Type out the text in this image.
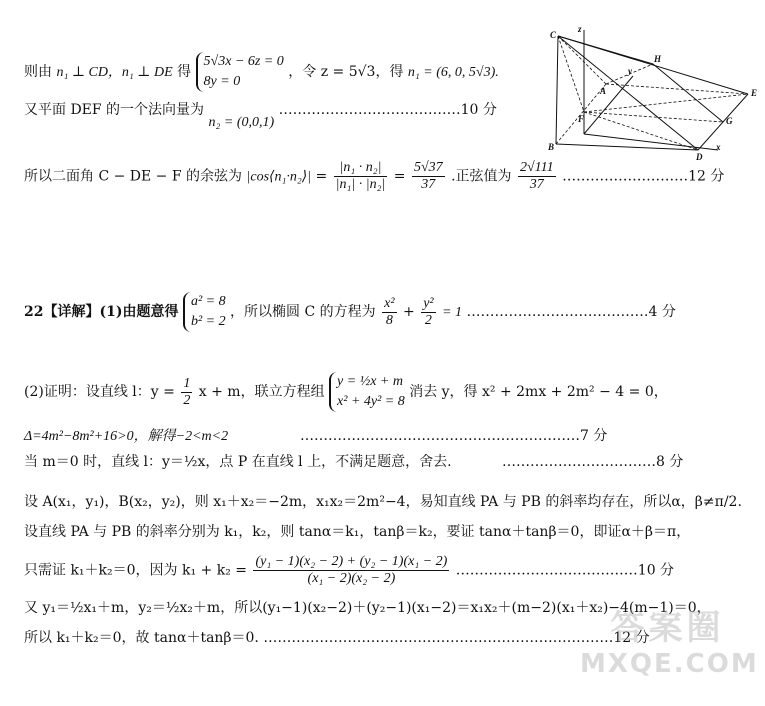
则由 n₁ ⊥ CD，n₁ ⊥ DE 得
5√3x − 6z = 0
8y = 0
，令 z = 5√3，得 n₁ = (6, 0, 5√3).
又平面 DEF 的一个法向量为 n₂ = (0,0,1) …………………………………10 分
所以二面角 C − DE − F 的余弦为 |cos⟨n₁·n₂⟩| = $\frac{\text{|n₁ · n₂|}}{\text{|n₁| · |n₂|}} = \frac{5√37}{37}$ .正弦值为 $\frac{2√111}{37}$ ………………………12 分
22【详解】(1)由题意得
a² = 8
b² = 2
，所以椭圆 C 的方程为 $\frac{\text{x²}}{8} + \frac{\text{y²}}{2} = 1$ …………………………………4 分
(2)证明：设直线 l：$y = \frac{1}{2}$ x + m，联立方程组
y = ½x + m
x² + 4y² = 8
消去 y，得 x² + 2mx + 2m² − 4 = 0，
Δ=4m²−8m²+16>0，解得−2<m<2	……………………………………………………7 分
当 m＝0 时，直线 l：y＝½x，点 P 在直线 l 上，不满足题意，舍去.	……………………………8 分
设 A(x₁，y₁)，B(x₂，y₂)，则 x₁＋x₂＝−2m，x₁x₂＝2m²−4，易知直线 PA 与 PB 的斜率均存在，所以α，β≠π/2.
设直线 PA 与 PB 的斜率分别为 k₁，k₂，则 tanα＝k₁，tanβ＝k₂，要证 tanα＋tanβ＝0，即证α＋β＝π，
只需证 k₁＋k₂＝0，因为 $k_1 + k_2 = \frac{\text{(y₁ − 1)(x₂ − 2) + (y₂ − 1)(x₁ − 2)}}{\text{(x₁ − 2)(x₂ − 2)}}$ …………………………………10 分
又 y₁＝½x₁＋m，y₂＝½x₂＋m，所以(y₁−1)(x₂−2)＋(y₂−1)(x₁−2)＝x₁x₂＋(m−2)(x₁＋x₂)−4(m−1)＝0，
所以 k₁＋k₂＝0，故 tanα＋tanβ＝0. …………………………………………………………………12 分
C
z
H
y
A	E
F	G
B
D
x
答案圈
MXQE.COM
